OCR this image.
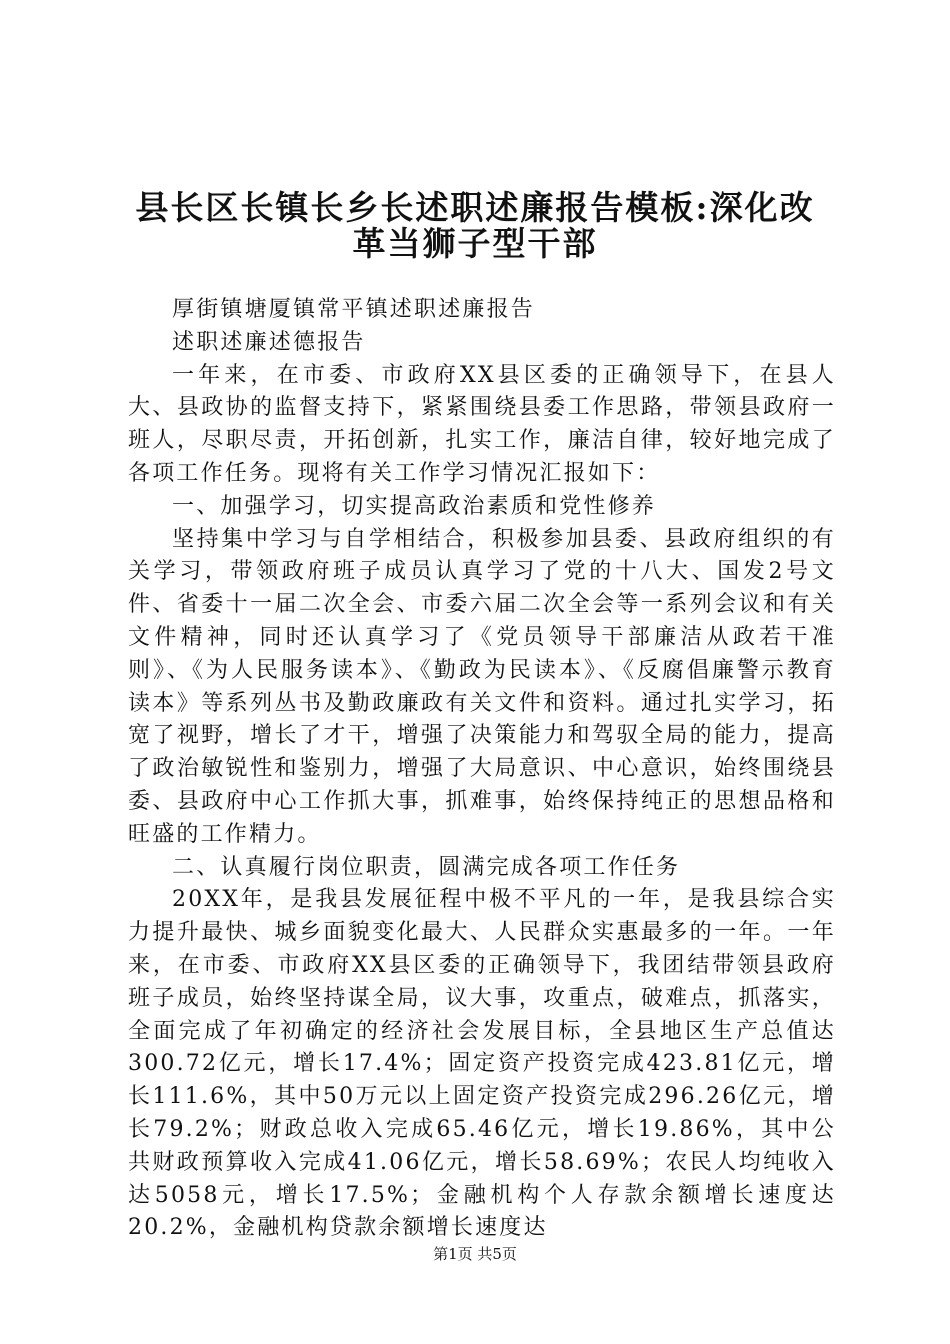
县长区长镇长乡长述职述廉报告模板:深化改
革当狮子型干部

厚街镇塘厦镇常平镇述职述廉报告

述职述廉述德报告

一年来，在市委、市政府XX县区委的正确领导下，在县人大、县政协的监督支持下，紧紧围绕县委工作思路，带领县政府一班人，尽职尽责，开拓创新，扎实工作，廉洁自律，较好地完成了各项工作任务。现将有关工作学习情况汇报如下：

一、加强学习，切实提高政治素质和党性修养

坚持集中学习与自学相结合，积极参加县委、县政府组织的有关学习，带领政府班子成员认真学习了党的十八大、国发2号文件、省委十一届二次全会、市委六届二次全会等一系列会议和有关文件精神，同时还认真学习了《党员领导干部廉洁从政若干准则》、《为人民服务读本》、《勤政为民读本》、《反腐倡廉警示教育读本》等系列丛书及勤政廉政有关文件和资料。通过扎实学习，拓宽了视野，增长了才干，增强了决策能力和驾驭全局的能力，提高了政治敏锐性和鉴别力，增强了大局意识、中心意识，始终围绕县委、县政府中心工作抓大事，抓难事，始终保持纯正的思想品格和旺盛的工作精力。

二、认真履行岗位职责，圆满完成各项工作任务

20XX年，是我县发展征程中极不平凡的一年，是我县综合实力提升最快、城乡面貌变化最大、人民群众实惠最多的一年。一年来，在市委、市政府XX县区委的正确领导下，我团结带领县政府班子成员，始终坚持谋全局，议大事，攻重点，破难点，抓落实，全面完成了年初确定的经济社会发展目标，全县地区生产总值达300.72亿元，增长17.4%；固定资产投资完成423.81亿元，增长111.6%，其中50万元以上固定资产投资完成296.26亿元，增长79.2%；财政总收入完成65.46亿元，增长19.86%，其中公共财政预算收入完成41.06亿元，增长58.69%；农民人均纯收入达5058元，增长17.5%；金融机构个人存款余额增长速度达20.2%，金融机构贷款余额增长速度达

第1页 共5页
